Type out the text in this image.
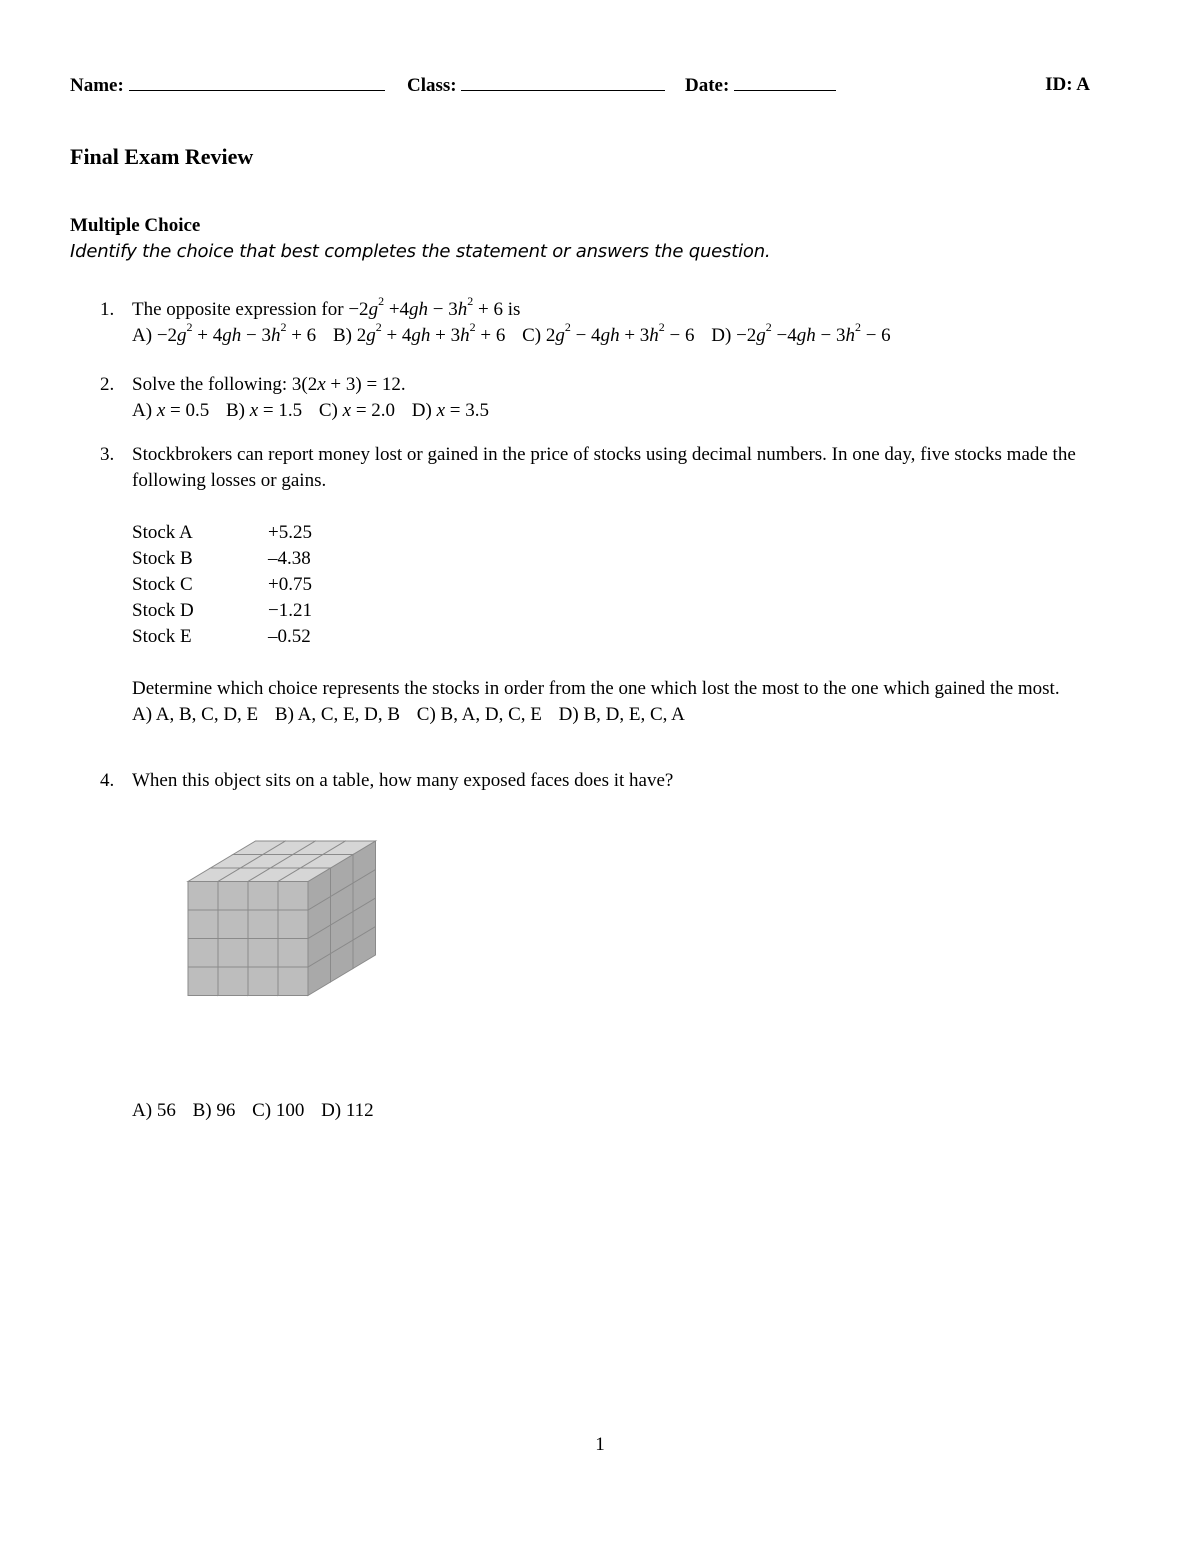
Name:	Class:	Date:	ID: A
Final Exam Review
Multiple Choice
Identify the choice that best completes the statement or answers the question.
1. The opposite expression for $-2g^2 +4gh - 3h^2 + 6$ is
$A) -2g^2 + 4gh - 3h^2 + 6$ B) $2g^2 + 4gh + 3h^2 + 6$ C) $2g^2 - 4gh + 3h^2 - 6$ $D) -2g^2 -4gh - 3h^2 - 6$
2. Solve the following: 3(2x + 3) = 12.
A) x = 0.5 B) x = 1.5 C) x = 2.0 D) x = 3.5
3. Stockbrokers can report money lost or gained in the price of stocks using decimal numbers. In one day, five stocks made the following losses or gains.
Stock A	+5.25
Stock B	–4.38
Stock C	+0.75
Stock D	−1.21
Stock E	–0.52
Determine which choice represents the stocks in order from the one which lost the most to the one which gained the most.
A) A, B, C, D, E B) A, C, E, D, B C) B, A, D, C, E D) B, D, E, C, A
4. When this object sits on a table, how many exposed faces does it have?
A) 56 B) 96 C) 100 D) 112
1
